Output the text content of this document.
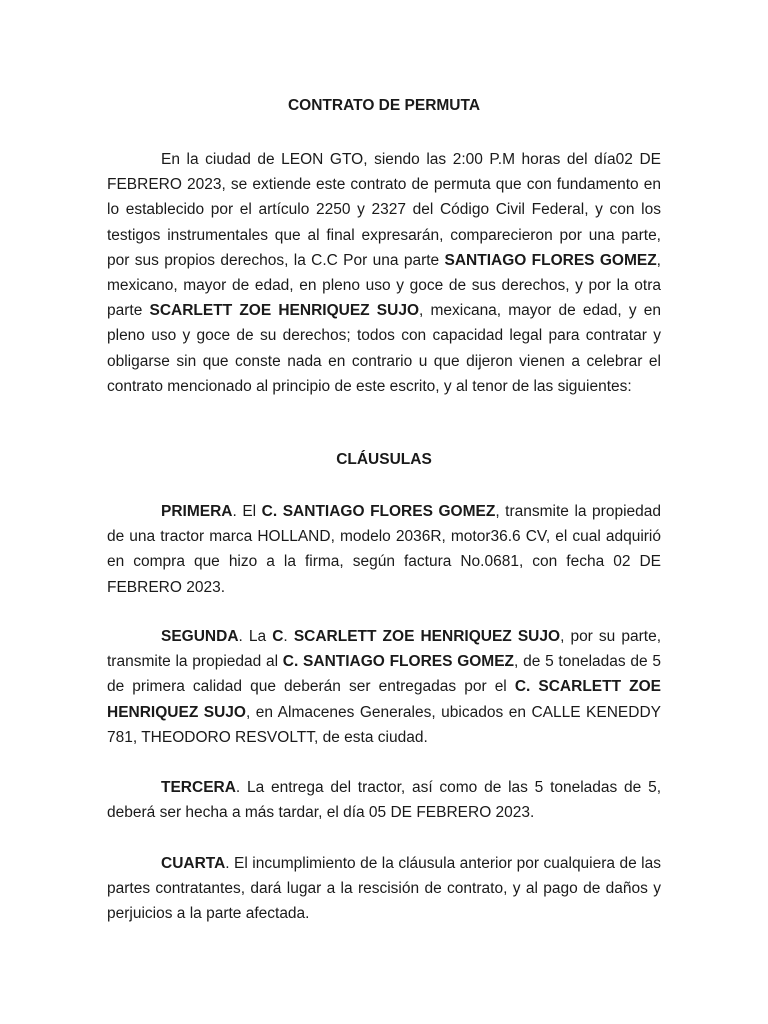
CONTRATO DE PERMUTA

En la ciudad de LEON GTO, siendo las 2:00 P.M horas del día02 DE FEBRERO 2023, se extiende este contrato de permuta que con fundamento en lo establecido por el artículo 2250 y 2327 del Código Civil Federal, y con los testigos instrumentales que al final expresarán, comparecieron por una parte, por sus propios derechos, la C.C Por una parte SANTIAGO FLORES GOMEZ, mexicano, mayor de edad, en pleno uso y goce de sus derechos, y por la otra parte SCARLETT ZOE HENRIQUEZ SUJO, mexicana, mayor de edad, y en pleno uso y goce de su derechos; todos con capacidad legal para contratar y obligarse sin que conste nada en contrario u que dijeron vienen a celebrar el contrato mencionado al principio de este escrito, y al tenor de las siguientes:

CLÁUSULAS

PRIMERA. El C. SANTIAGO FLORES GOMEZ, transmite la propiedad de una tractor marca HOLLAND, modelo 2036R, motor36.6 CV, el cual adquirió en compra que hizo a la firma, según factura No.0681, con fecha 02 DE FEBRERO 2023.

SEGUNDA. La C. SCARLETT ZOE HENRIQUEZ SUJO, por su parte, transmite la propiedad al C. SANTIAGO FLORES GOMEZ, de 5 toneladas de 5 de primera calidad que deberán ser entregadas por el C. SCARLETT ZOE HENRIQUEZ SUJO, en Almacenes Generales, ubicados en CALLE KENEDDY 781, THEODORO RESVOLTT, de esta ciudad.

TERCERA. La entrega del tractor, así como de las 5 toneladas de 5, deberá ser hecha a más tardar, el día 05 DE FEBRERO 2023.

CUARTA. El incumplimiento de la cláusula anterior por cualquiera de las partes contratantes, dará lugar a la rescisión de contrato, y al pago de daños y perjuicios a la parte afectada.
